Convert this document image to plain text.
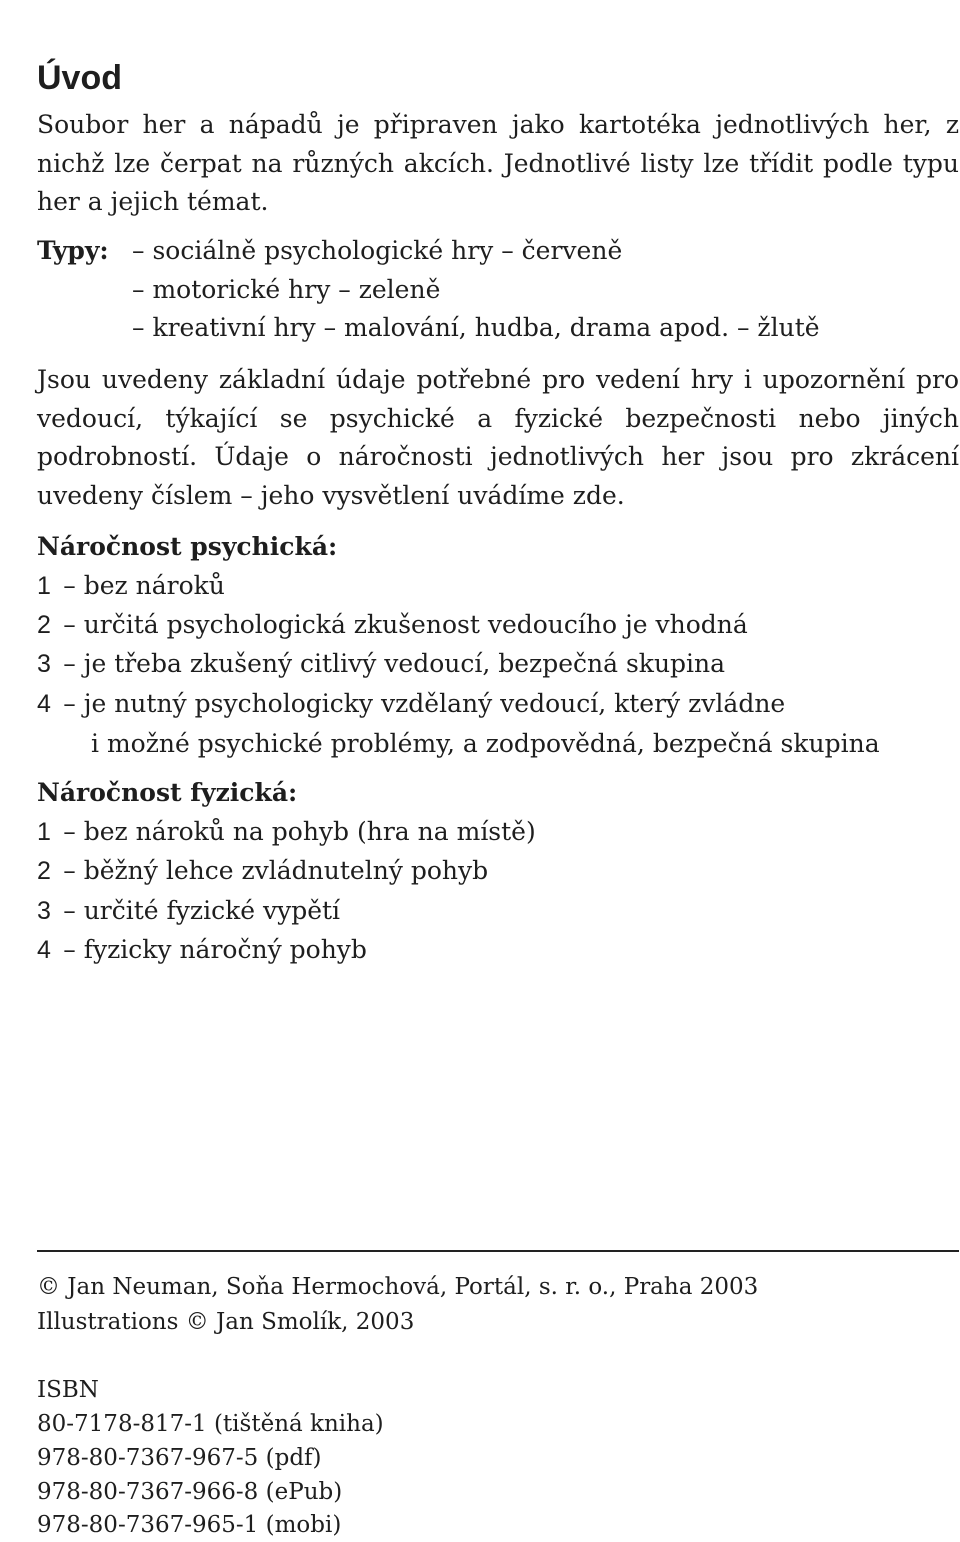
Úvod

Soubor her a nápadů je připraven jako kartotéka jednotlivých her, z nichž lze čerpat na různých akcích. Jednotlivé listy lze třídit podle typu her a jejich témat.

Typy: – sociálně psychologické hry – červeně
– motorické hry – zeleně
– kreativní hry – malování, hudba, drama apod. – žlutě

Jsou uvedeny základní údaje potřebné pro vedení hry i upozornění pro vedoucí, týkající se psychické a fyzické bezpečnosti nebo jiných podrobností. Údaje o náročnosti jednotlivých her jsou pro zkrácení uvedeny číslem – jeho vysvětlení uvádíme zde.

Náročnost psychická:
1 – bez nároků
2 – určitá psychologická zkušenost vedoucího je vhodná
3 – je třeba zkušený citlivý vedoucí, bezpečná skupina
4 – je nutný psychologicky vzdělaný vedoucí, který zvládne
i možné psychické problémy, a zodpovědná, bezpečná skupina
Náročnost fyzická:
1 – bez nároků na pohyb (hra na místě)
2 – běžný lehce zvládnutelný pohyb
3 – určité fyzické vypětí
4 – fyzicky náročný pohyb
© Jan Neuman, Soňa Hermochová, Portál, s. r. o., Praha 2003
Illustrations © Jan Smolík, 2003
ISBN
80-7178-817-1 (tištěná kniha)
978-80-7367-967-5 (pdf)
978-80-7367-966-8 (ePub)
978-80-7367-965-1 (mobi)
